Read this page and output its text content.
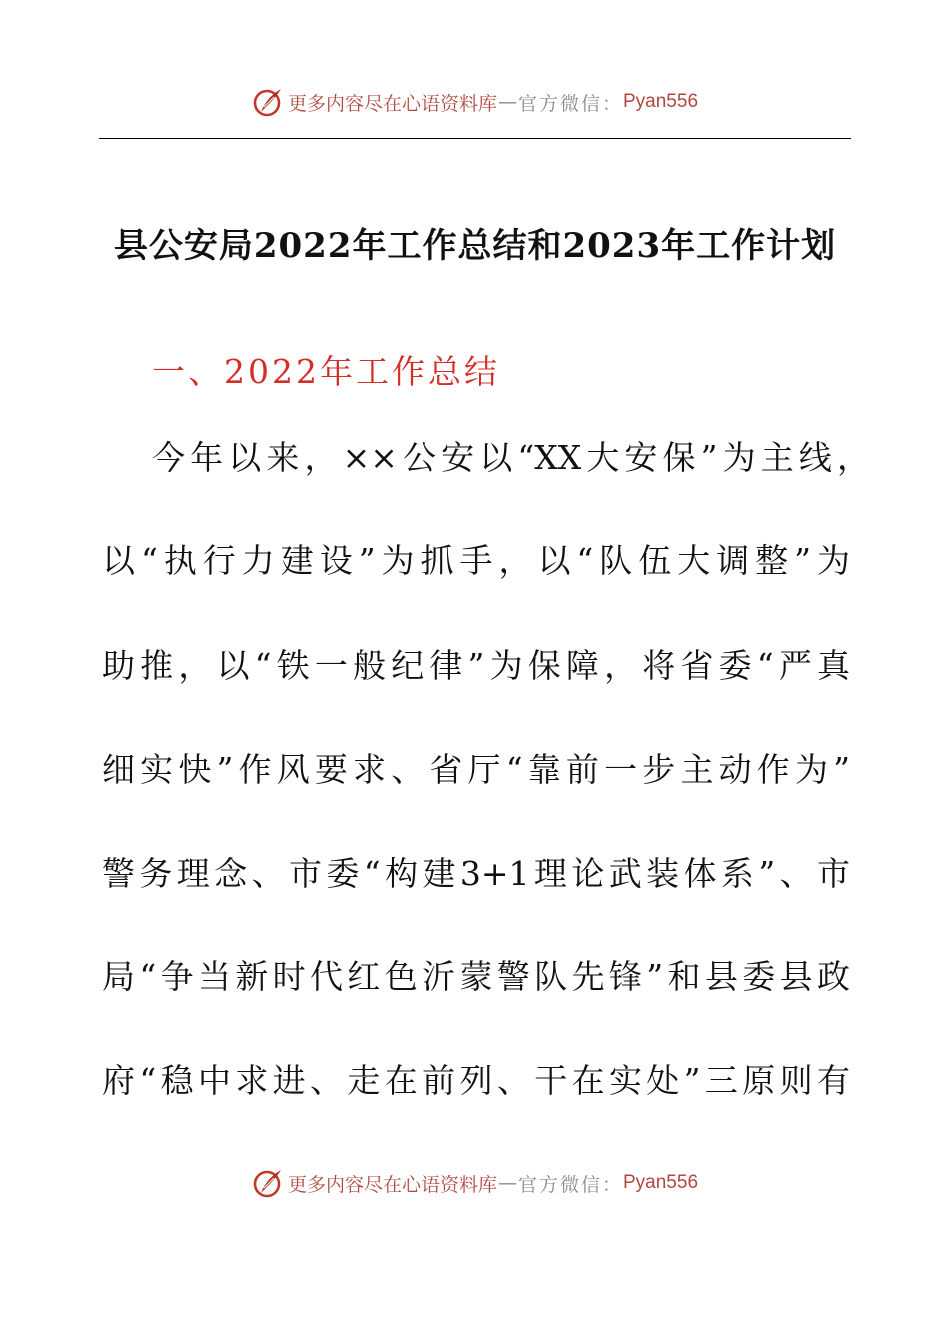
更多内容尽在心语资料库 — 官方微信： Pyan556
县公安局2022年工作总结和2023年工作计划
一、2022年工作总结
今年以来，××公安以“XX大安保”为主线，
以“执行力建设”为抓手，以“队伍大调整”为
助推，以“铁一般纪律”为保障，将省委“严真
细实快”作风要求、省厅“靠前一步主动作为”
警务理念、市委“构建3+1理论武装体系”、市
局“争当新时代红色沂蒙警队先锋”和县委县政
府“稳中求进、走在前列、干在实处”三原则有
更多内容尽在心语资料库 — 官方微信： Pyan556
